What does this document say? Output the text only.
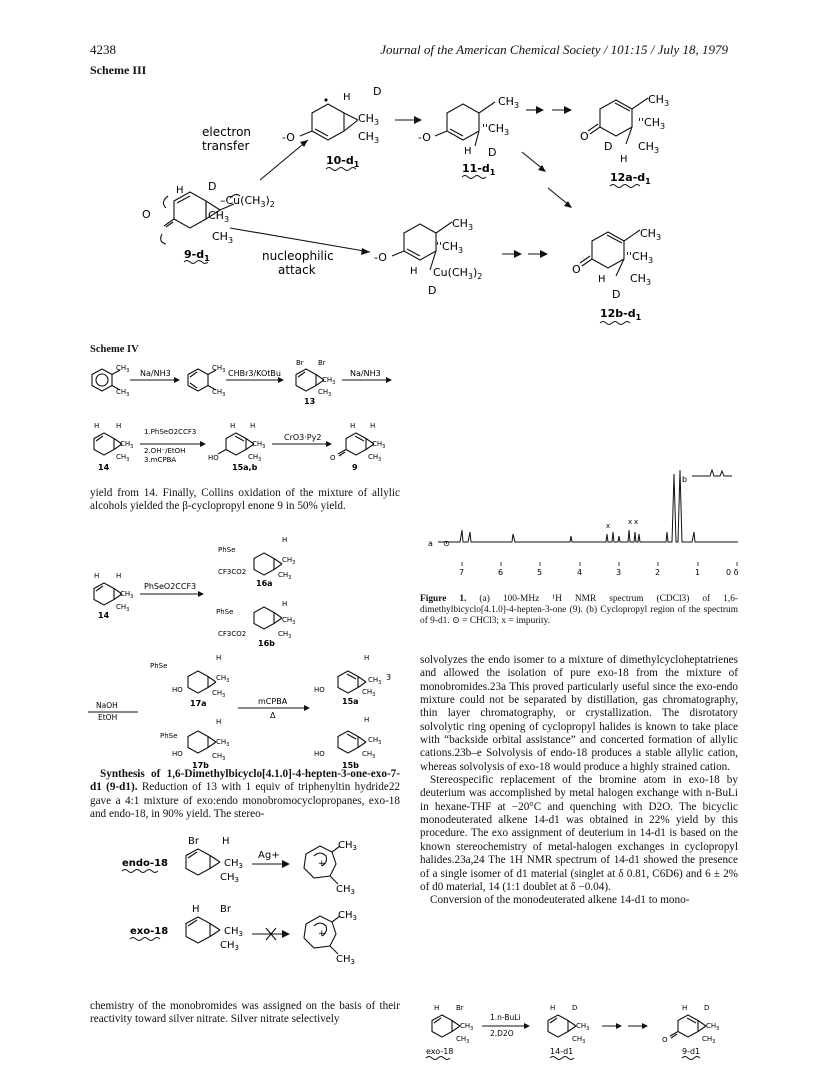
4238	Journal of the American Chemical Society / 101:15 / July 18, 1979
Scheme III
H D
$-Cu(CH_3)_2$
$CH_3$
$CH_3$
O
$9-d_1$
electron
transfer
nucleophilic
attack
-O
H D
$CH_3$
$CH_3$
$10-d_1$
-O
$CH_3$
''$CH_3$
H D
$11-d_1$
$CH_3$
''$CH_3$
O
D $CH_3$
H
$12a-d_1$
-O
$CH_3$
''$CH_3$
H $Cu(CH_3)_2$
D
$CH_3$
''$CH_3$
O
H $CH_3$
D
$12b-d_1$
Scheme IV
$CH_3$
$CH_3$
Na/NH3
$CH_3$
$CH_3$
CHBr3/KOtBu
Br Br
$CH_3$
$CH_3$
13
Na/NH3
H H
$CH_3$
$CH_3$
14
1.PhSeO2CCF3
2.OH⁻/EtOH
3.mCPBA
H H
$CH_3$
$CH_3$
HO
15a,b
CrO3·Py2
H H
$CH_3$
$CH_3$
O
9

yield from 14. Finally, Collins oxidation of the mixture of allylic alcohols yielded the β-cyclopropyl enone 9 in 50% yield.

H H
$CH_3$
$CH_3$
14
PhSeO2CCF3
PhSe
H
$CH_3$
$CH_3$
CF3CO2
16a
PhSe
H
$CH_3$
$CH_3$
CF3CO2
16b
PhSe
H
$CH_3$
$CH_3$
HO
17a
NaOH
EtOH
mCPBA
Δ
H
$CH_3$
$CH_3$
3
HO
15a
PhSe
H
$CH_3$
$CH_3$
HO
17b
H
$CH_3$
$CH_3$
HO
15b

Synthesis of 1,6-Dimethylbicyclo[4.1.0]-4-hepten-3-one-exo-7-d1 (9-d1). Reduction of 13 with 1 equiv of triphenyltin hydride22 gave a 4:1 mixture of exo:endo monobromocyclopropanes, exo-18 and endo-18, in 90% yield. The stereo-

Br H
$CH_3$
$CH_3$
endo-18
Ag+
+
$CH_3$
$CH_3$
H Br
$CH_3$
$CH_3$
exo-18	+
$CH_3$
$CH_3$

chemistry of the monobromides was assigned on the basis of their reactivity toward silver nitrate. Silver nitrate selectively

b
a
x	x x
⊙
7	6	5	4	3	2	1	0 δ
Figure 1. (a) 100-MHz ¹H NMR spectrum (CDCl3) of 1,6-dimethylbicyclo[4.1.0]-4-hepten-3-one (9). (b) Cyclopropyl region of the spectrum of 9-d1. ⊙ = CHCl3; x = impurity.

solvolyzes the endo isomer to a mixture of dimethylcycloheptatrienes and allowed the isolation of pure exo-18 from the mixture of monobromides.23a This proved particularly useful since the exo-endo mixture could not be separated by distillation, gas chromatography, thin layer chromatography, or crystallization. The disrotatory solvolytic ring opening of cyclopropyl halides is known to take place with “backside orbital assistance” and concerted formation of allylic cations.23b–e Solvolysis of endo-18 produces a stable allylic cation, whereas solvolysis of exo-18 would produce a highly strained cation.

Stereospecific replacement of the bromine atom in exo-18 by deuterium was accomplished by metal halogen exchange with n-BuLi in hexane-THF at −20°C and quenching with D2O. The bicyclic monodeuterated alkene 14-d1 was obtained in 22% yield by this procedure. The exo assignment of deuterium in 14-d1 is based on the known stereochemistry of metal-halogen exchanges in cyclopropyl halides.23a,24 The 1H NMR spectrum of 14-d1 showed the presence of a single isomer of d1 material (singlet at δ 0.81, C6D6) and 6 ± 2% of d0 material, 14 (1:1 doublet at δ −0.04).

Conversion of the monodeuterated alkene 14-d1 to mono-

H Br
$CH_3$
$CH_3$
exo-18
1.n-BuLi
2.D2O
H D
$CH_3$
$CH_3$
14-d1
H D
$CH_3$
$CH_3$
O
9-d1
